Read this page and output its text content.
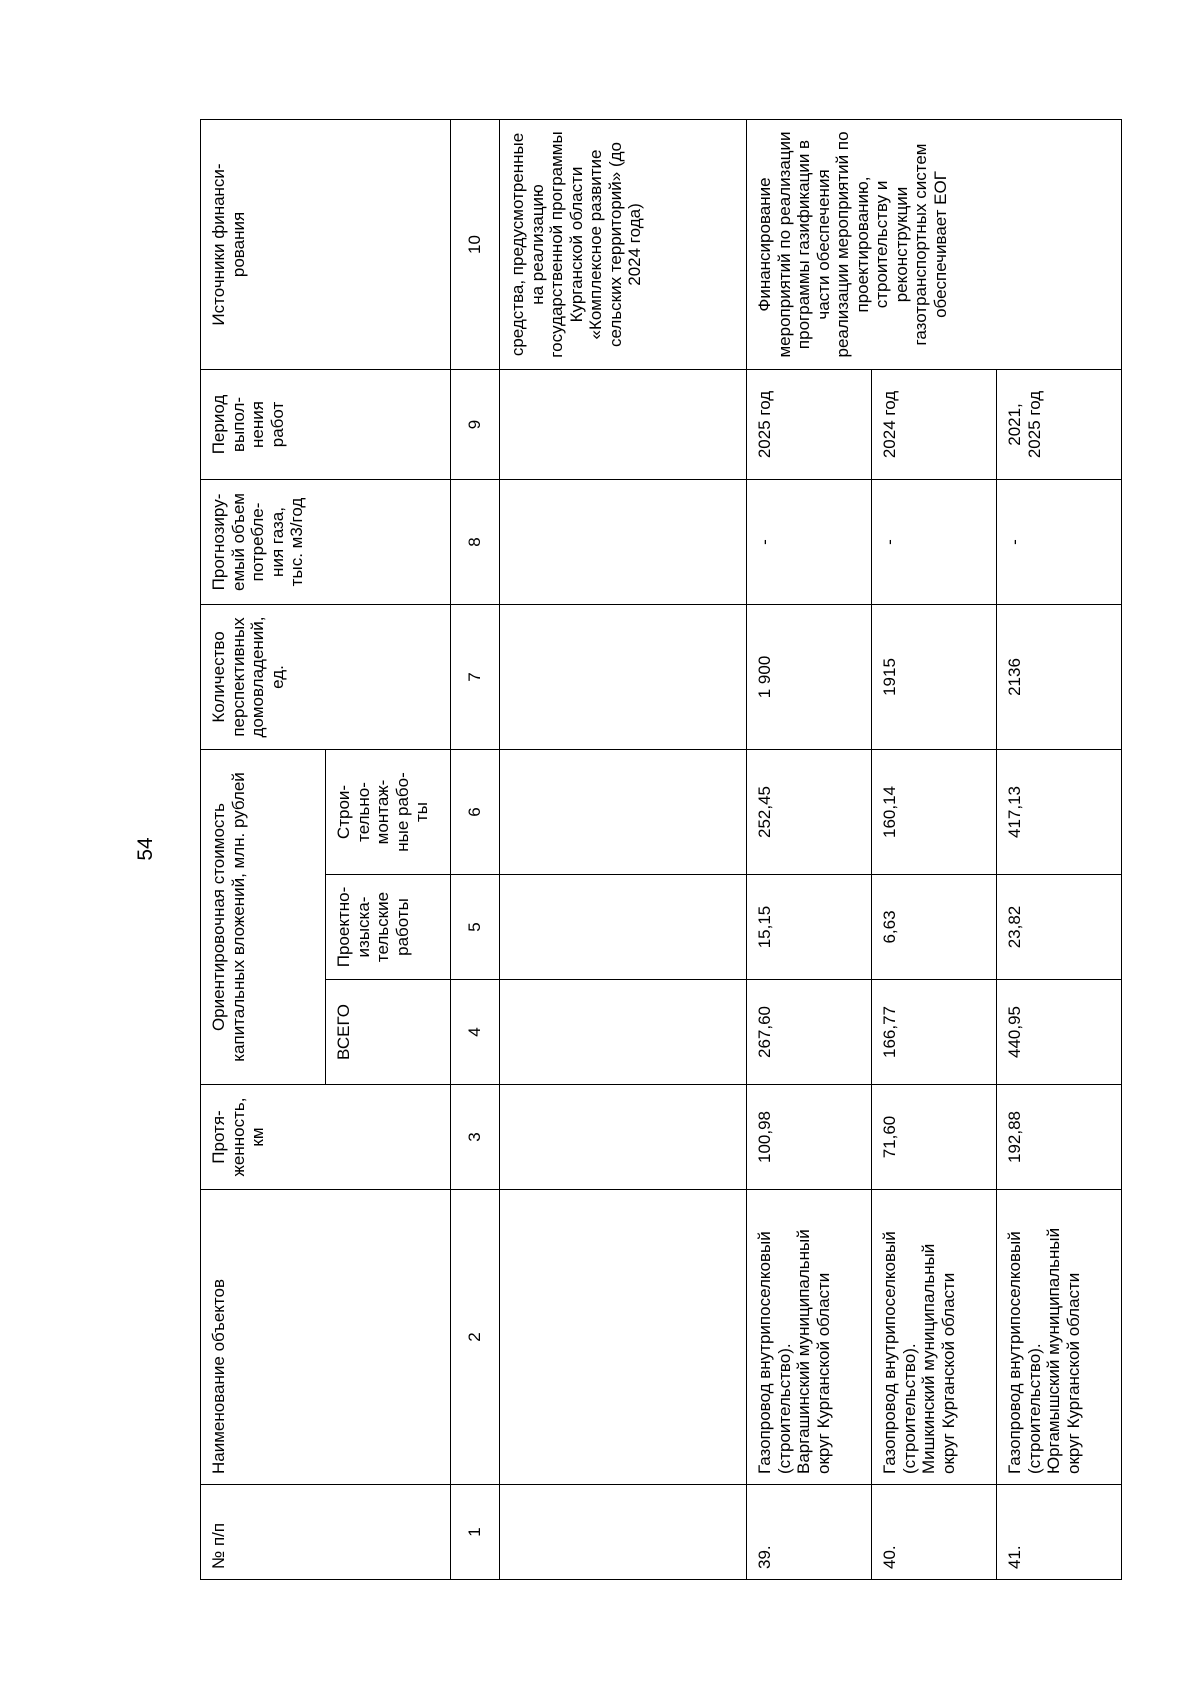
54
№ п/п	Наименование объектов	Протя-
женность,
км	Ориентировочная стоимость капитальных вложений, млн. рублей			Количество перспективных домовладений, ед.	Прогнозиру-
емый объем
потребле-
ния газа,
тыс. м3/год	Период
выпол-
нения
работ	Источники финанси-
рования
			ВСЕГО	Проектно-
изыска-
тельские
работы	Строи-
тельно-
монтаж-
ные рабо-
ты				
1	2	3	4	5	6	7	8	9	10
									средства, предусмотренные на реализацию государственной программы Курганской области «Комплексное развитие сельских территорий» (до 2024 года)
39.	Газопровод внутрипоселковый (строительство).
Варгашинский муниципальный округ Курганской области	100,98	267,60	15,15	252,45	1 900	-	2025 год	Финансирование мероприятий по реализации программы газификации в части обеспечения реализации мероприятий по проектированию, строительству и реконструкции газотранспортных систем обеспечивает ЕОГ
40.	Газопровод внутрипоселковый (строительство).
Мишкинский муниципальный округ Курганской области	71,60	166,77	6,63	160,14	1915	-	2024 год	
41.	Газопровод внутрипоселковый (строительство).
Юргамышский муниципальный округ Курганской области	192,88	440,95	23,82	417,13	2136	-	2021,
2025 год	
